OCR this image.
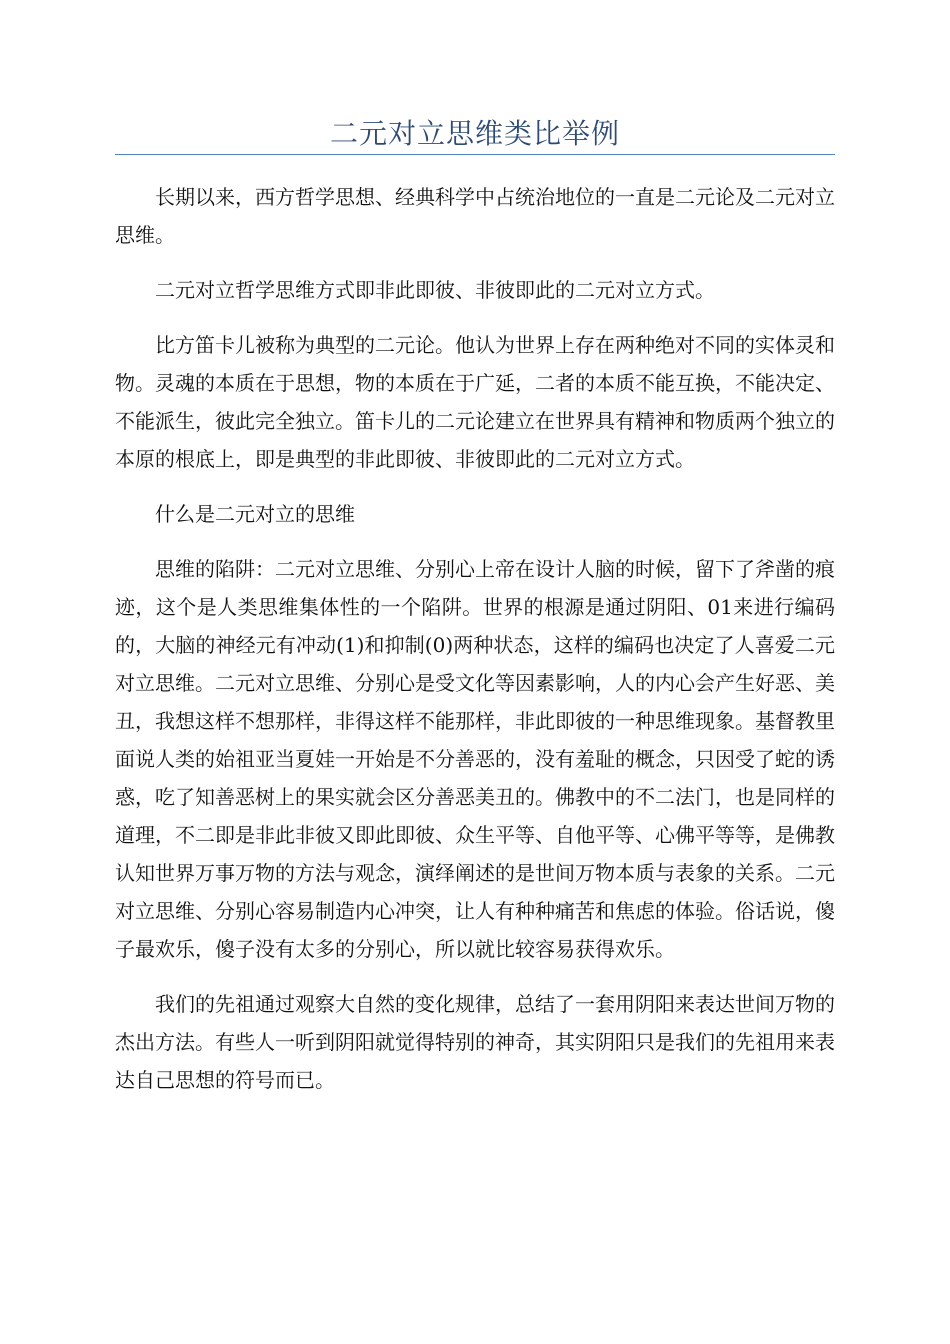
二元对立思维类比举例

长期以来，西方哲学思想、经典科学中占统治地位的一直是二元论及二元对立思维。

二元对立哲学思维方式即非此即彼、非彼即此的二元对立方式。

比方笛卡儿被称为典型的二元论。他认为世界上存在两种绝对不同的实体灵和物。灵魂的本质在于思想，物的本质在于广延，二者的本质不能互换，不能决定、不能派生，彼此完全独立。笛卡儿的二元论建立在世界具有精神和物质两个独立的本原的根底上，即是典型的非此即彼、非彼即此的二元对立方式。

什么是二元对立的思维

思维的陷阱：二元对立思维、分别心上帝在设计人脑的时候，留下了斧凿的痕迹，这个是人类思维集体性的一个陷阱。世界的根源是通过阴阳、01来进行编码的，大脑的神经元有冲动(1)和抑制(0)两种状态，这样的编码也决定了人喜爱二元对立思维。二元对立思维、分别心是受文化等因素影响，人的内心会产生好恶、美丑，我想这样不想那样，非得这样不能那样，非此即彼的一种思维现象。基督教里面说人类的始祖亚当夏娃一开始是不分善恶的，没有羞耻的概念，只因受了蛇的诱惑，吃了知善恶树上的果实就会区分善恶美丑的。佛教中的不二法门，也是同样的道理，不二即是非此非彼又即此即彼、众生平等、自他平等、心佛平等等，是佛教认知世界万事万物的方法与观念，演绎阐述的是世间万物本质与表象的关系。二元对立思维、分别心容易制造内心冲突，让人有种种痛苦和焦虑的体验。俗话说，傻子最欢乐，傻子没有太多的分别心，所以就比较容易获得欢乐。

我们的先祖通过观察大自然的变化规律，总结了一套用阴阳来表达世间万物的杰出方法。有些人一听到阴阳就觉得特别的神奇，其实阴阳只是我们的先祖用来表达自己思想的符号而已。
